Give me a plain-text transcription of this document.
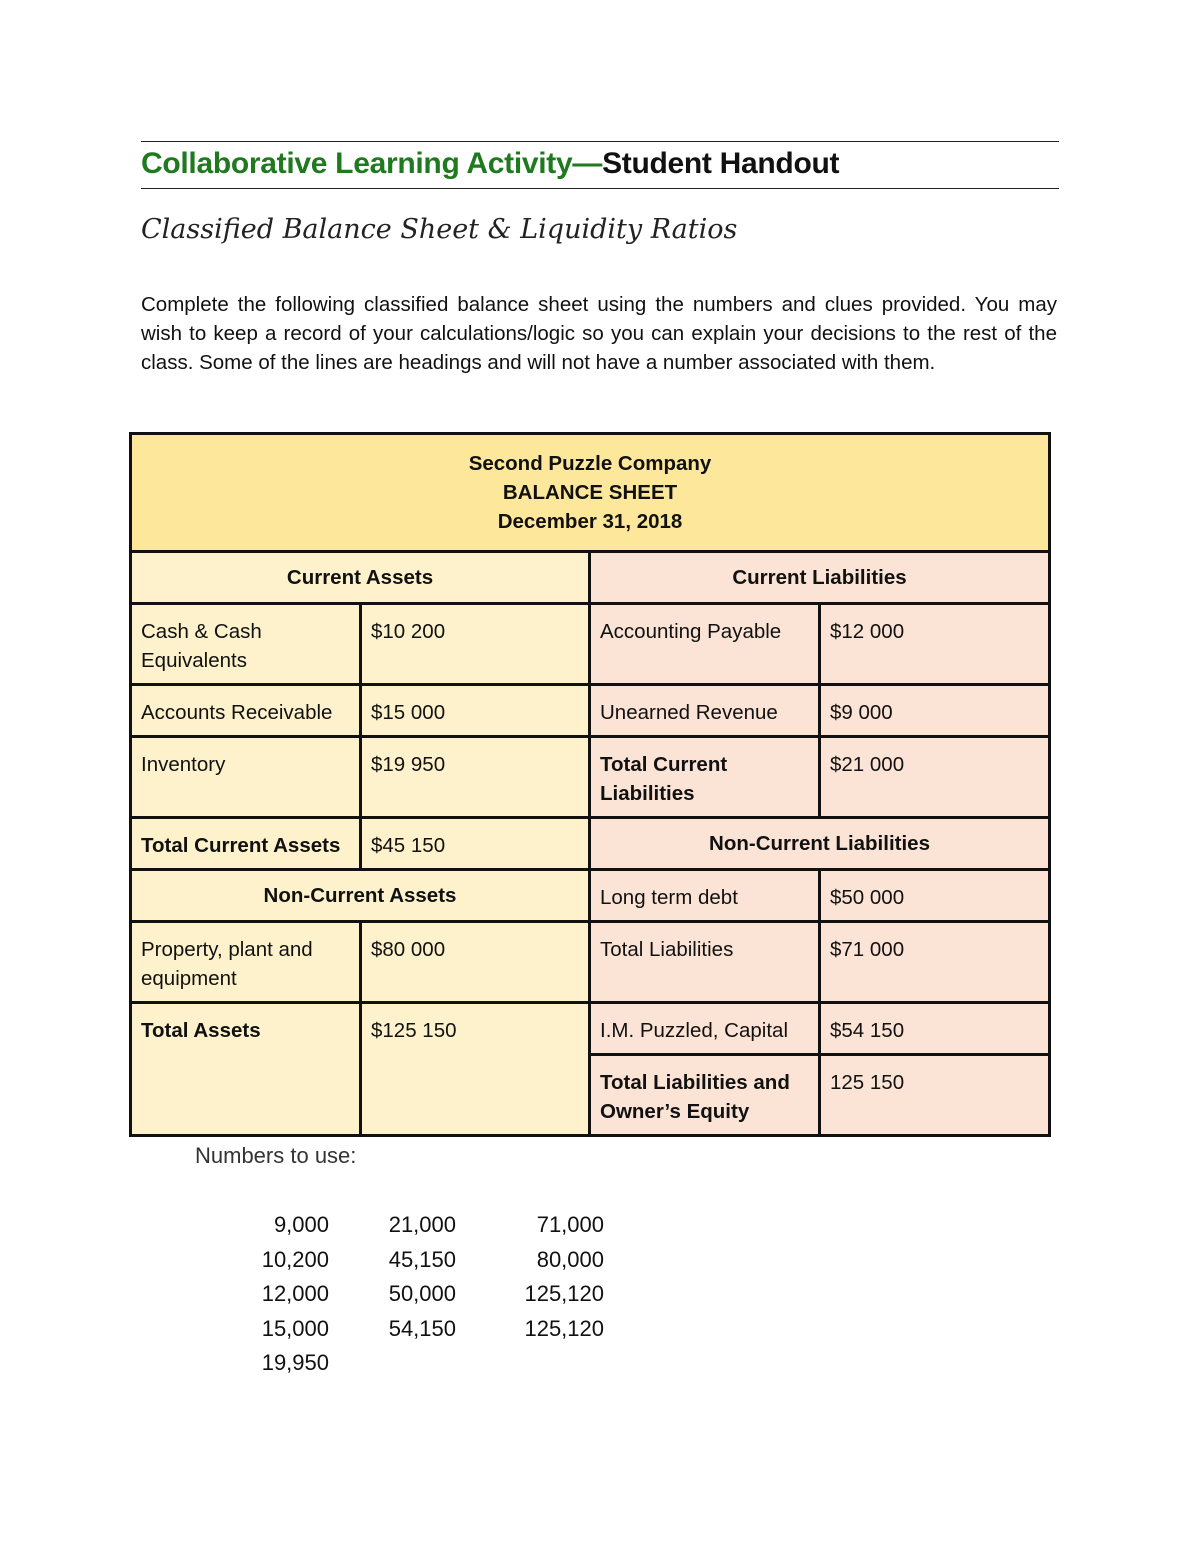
Collaborative Learning Activity—Student Handout
Classified Balance Sheet & Liquidity Ratios
Complete the following classified balance sheet using the numbers and clues provided. You may wish to keep a record of your calculations/logic so you can explain your decisions to the rest of the class. Some of the lines are headings and will not have a number associated with them.
Second Puzzle Company
BALANCE SHEET
December 31, 2018			

Current Assets		Current Liabilities	
Cash & Cash Equivalents	$10 200	Accounting Payable	$12 000
Accounts Receivable	$15 000	Unearned Revenue	$9 000
Inventory	$19 950	Total Current Liabilities	$21 000
Total Current Assets	$45 150	Non-Current Liabilities	
Non-Current Assets		Long term debt	$50 000
Property, plant and equipment	$80 000	Total Liabilities	$71 000
Total Assets	$125 150	I.M. Puzzled, Capital	$54 150
		Total Liabilities and Owner’s Equity	125 150
Numbers to use:
9,000
10,200
12,000
15,000
19,950
21,000
45,150
50,000
54,150
71,000
80,000
125,120
125,120
